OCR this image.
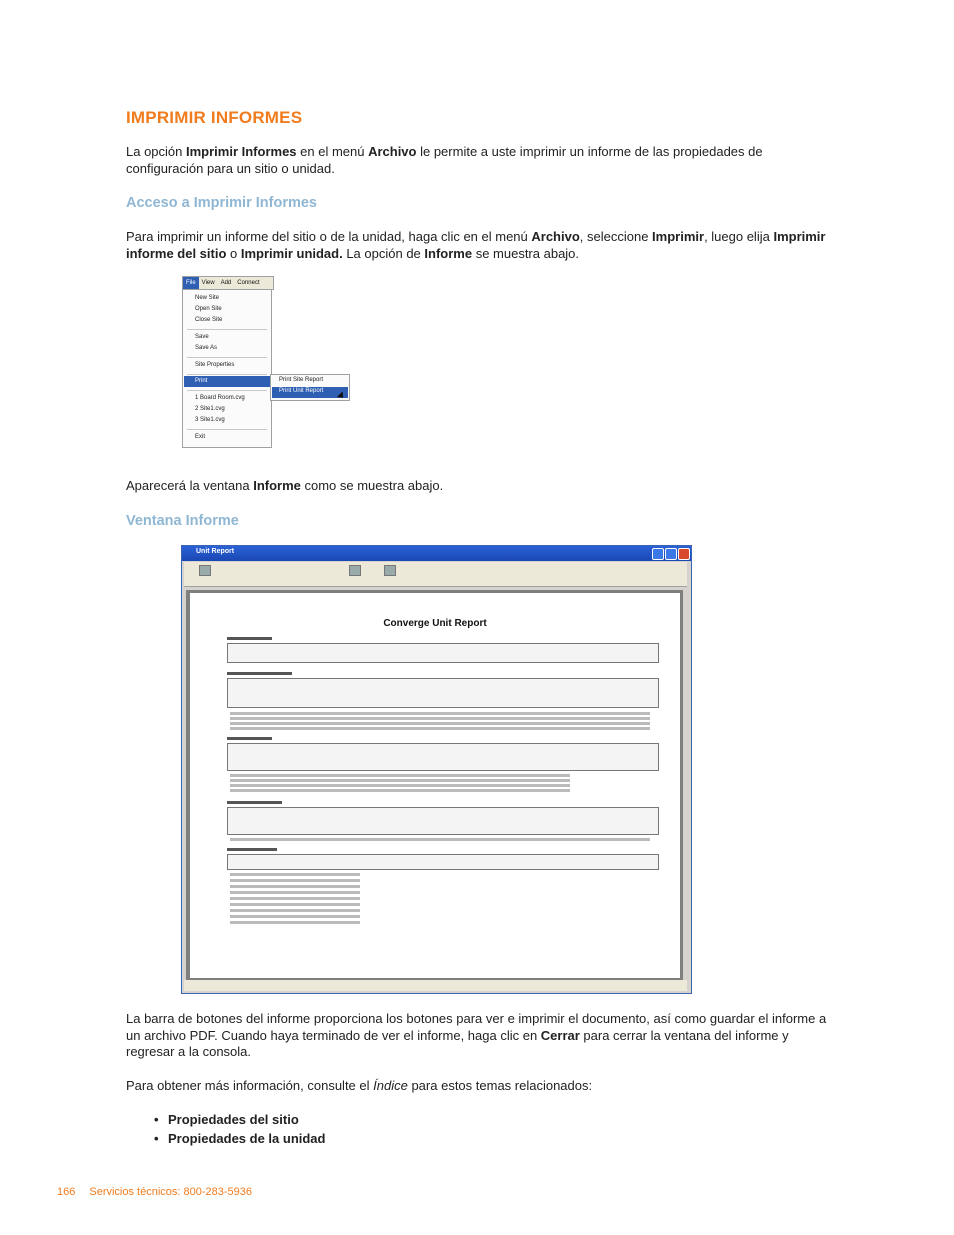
IMPRIMIR INFORMES

La opción Imprimir Informes en el menú Archivo le permite a uste imprimir un informe de las propiedades de configuración para un sitio o unidad.

Acceso a Imprimir Informes

Para imprimir un informe del sitio o de la unidad, haga clic en el menú Archivo, seleccione Imprimir, luego elija Imprimir informe del sitio o Imprimir unidad. La opción de Informe se muestra abajo.

File	View	Add	Connect
New Site
Open Site
Close Site
Save
Save As
Site Properties
Print
1 Board Room.cvg
2 Site1.cvg
3 Site1.cvg
Exit
Print Site Report
Print Unit Report

Aparecerá la ventana Informe como se muestra abajo.

Ventana Informe
Unit Report
Converge Unit Report

La barra de botones del informe proporciona los botones para ver e imprimir el documento, así como guardar el informe a un archivo PDF. Cuando haya terminado de ver el informe, haga clic en Cerrar para cerrar la ventana del informe y regresar a la consola.

Para obtener más información, consulte el Índice para estos temas relacionados:

• Propiedades del sitio
• Propiedades de la unidad
166 Servicios técnicos: 800-283-5936
